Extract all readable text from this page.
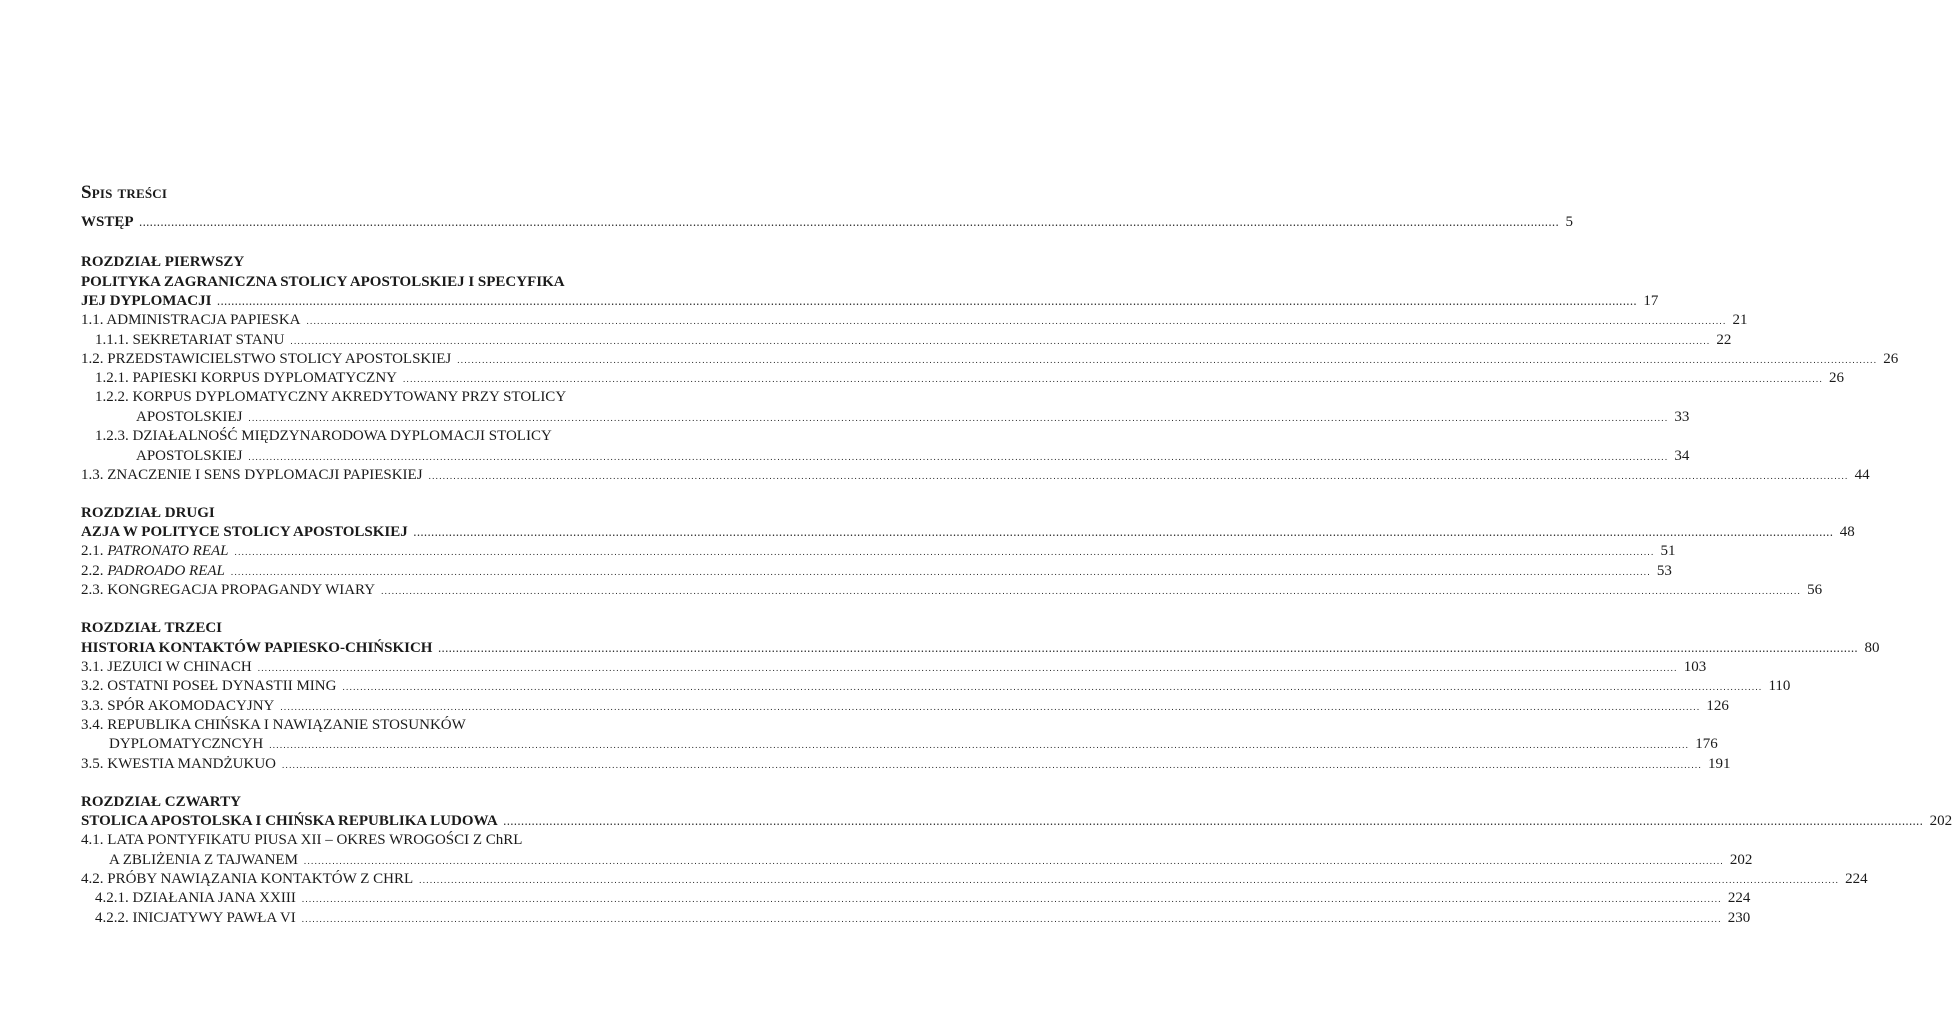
Spis treści
WSTĘP ................................................................................................................................................................................................................................................................................................................................................................................................................ 5
ROZDZIAŁ PIERWSZY
POLITYKA ZAGRANICZNA STOLICY APOSTOLSKIEJ I SPECYFIKA
JEJ DYPLOMACJI ................................................................................................................................................................................................................................................................................................................................................................................................................ 17
1.1. ADMINISTRACJA PAPIESKA ................................................................................................................................................................................................................................................................................................................................................................................................................ 21
1.1.1. SEKRETARIAT STANU ................................................................................................................................................................................................................................................................................................................................................................................................................ 22
1.2. PRZEDSTAWICIELSTWO STOLICY APOSTOLSKIEJ ................................................................................................................................................................................................................................................................................................................................................................................................................ 26
1.2.1. PAPIESKI KORPUS DYPLOMATYCZNY ................................................................................................................................................................................................................................................................................................................................................................................................................ 26
1.2.2. KORPUS DYPLOMATYCZNY AKREDYTOWANY PRZY STOLICY
APOSTOLSKIEJ ................................................................................................................................................................................................................................................................................................................................................................................................................ 33
1.2.3. DZIAŁALNOŚĆ MIĘDZYNARODOWA DYPLOMACJI STOLICY
APOSTOLSKIEJ ................................................................................................................................................................................................................................................................................................................................................................................................................ 34
1.3. ZNACZENIE I SENS DYPLOMACJI PAPIESKIEJ ................................................................................................................................................................................................................................................................................................................................................................................................................ 44
ROZDZIAŁ DRUGI
AZJA W POLITYCE STOLICY APOSTOLSKIEJ ................................................................................................................................................................................................................................................................................................................................................................................................................ 48
2.1. PATRONATO REAL ................................................................................................................................................................................................................................................................................................................................................................................................................ 51
2.2. PADROADO REAL ................................................................................................................................................................................................................................................................................................................................................................................................................ 53
2.3. KONGREGACJA PROPAGANDY WIARY ................................................................................................................................................................................................................................................................................................................................................................................................................ 56
ROZDZIAŁ TRZECI
HISTORIA KONTAKTÓW PAPIESKO-CHIŃSKICH ................................................................................................................................................................................................................................................................................................................................................................................................................ 80
3.1. JEZUICI W CHINACH ................................................................................................................................................................................................................................................................................................................................................................................................................ 103
3.2. OSTATNI POSEŁ DYNASTII MING ................................................................................................................................................................................................................................................................................................................................................................................................................ 110
3.3. SPÓR AKOMODACYJNY ................................................................................................................................................................................................................................................................................................................................................................................................................ 126
3.4. REPUBLIKA CHIŃSKA I NAWIĄZANIE STOSUNKÓW
DYPLOMATYCZNCYH ................................................................................................................................................................................................................................................................................................................................................................................................................ 176
3.5. KWESTIA MANDŻUKUO ................................................................................................................................................................................................................................................................................................................................................................................................................ 191
ROZDZIAŁ CZWARTY
STOLICA APOSTOLSKA I CHIŃSKA REPUBLIKA LUDOWA ................................................................................................................................................................................................................................................................................................................................................................................................................ 202
4.1. LATA PONTYFIKATU PIUSA XII – OKRES WROGOŚCI Z ChRL
A ZBLIŻENIA Z TAJWANEM ................................................................................................................................................................................................................................................................................................................................................................................................................ 202
4.2. PRÓBY NAWIĄZANIA KONTAKTÓW Z CHRL ................................................................................................................................................................................................................................................................................................................................................................................................................ 224
4.2.1. DZIAŁANIA JANA XXIII ................................................................................................................................................................................................................................................................................................................................................................................................................ 224
4.2.2. INICJATYWY PAWŁA VI ................................................................................................................................................................................................................................................................................................................................................................................................................ 230
